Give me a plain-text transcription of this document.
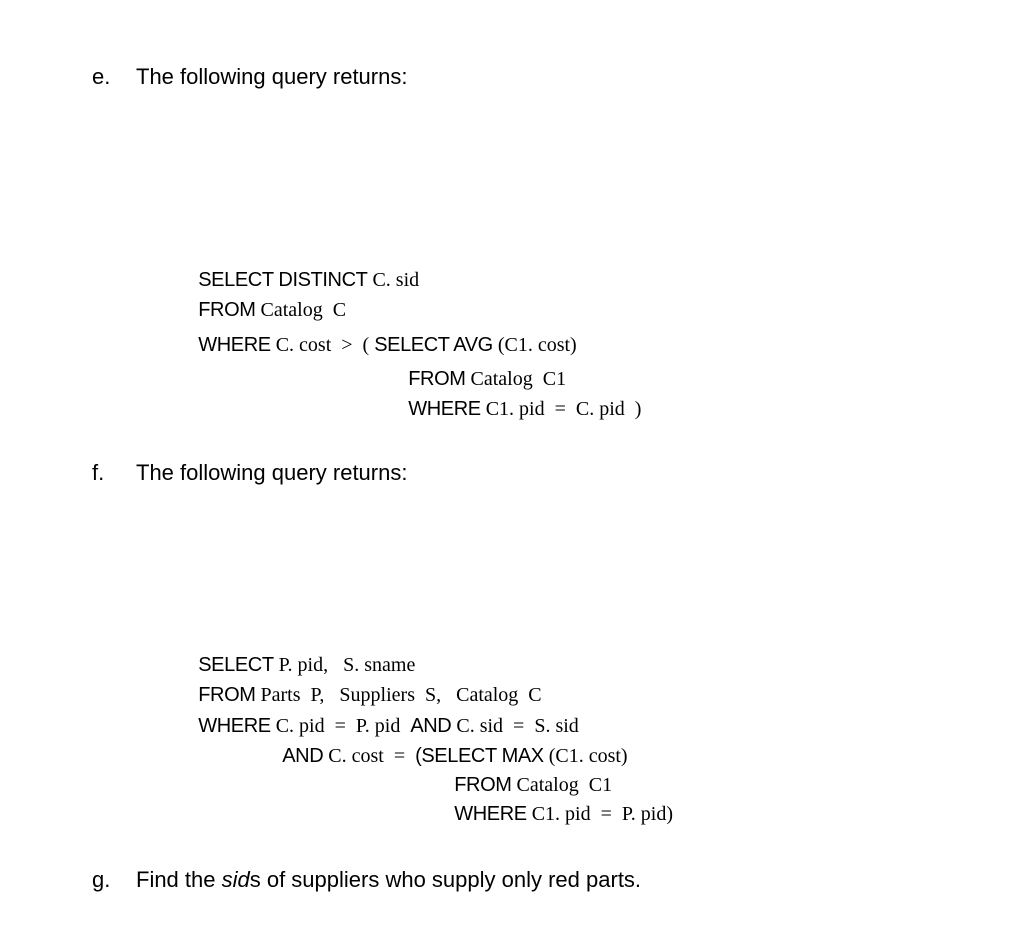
e. The following query returns:

SELECT DISTINCT C. sid

FROM Catalog  C

WHERE C. cost  >  ( SELECT AVG (C1. cost)

FROM Catalog  C1

WHERE C1. pid  =  C. pid  )

f. The following query returns:

SELECT P. pid,   S. sname

FROM Parts  P,   Suppliers  S,   Catalog  C

WHERE C. pid  =  P. pid  AND C. sid  =  S. sid

AND C. cost  =  (SELECT MAX (C1. cost)

FROM Catalog  C1

WHERE C1. pid  =  P. pid)

g. Find the sids of suppliers who supply only red parts.
